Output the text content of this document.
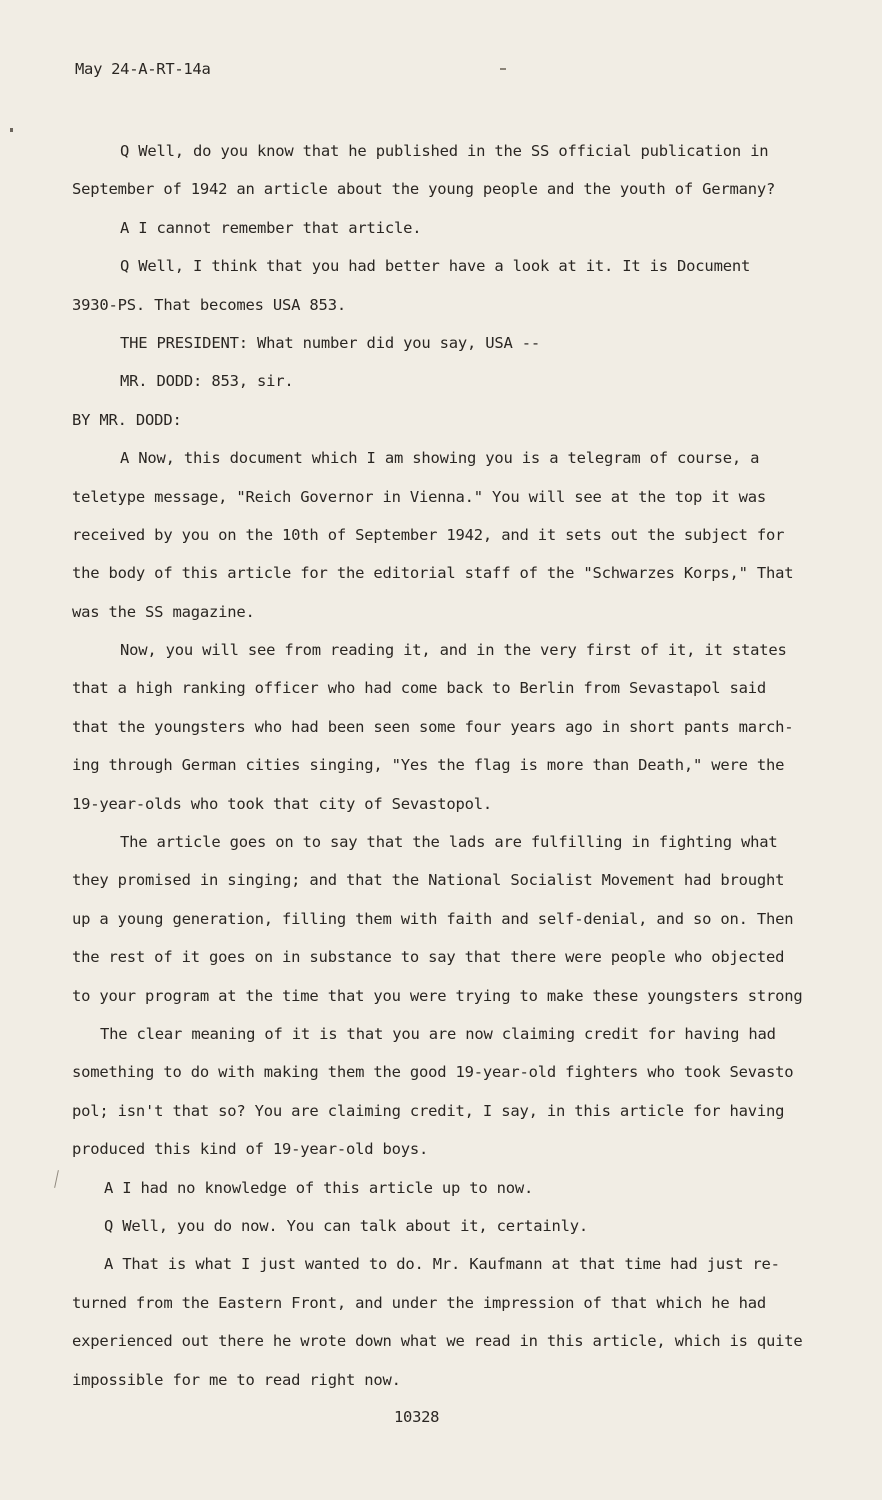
May 24-A-RT-14a
Q Well, do you know that he published in the SS official publication in
September of 1942 an article about the young people and the youth of Germany?
A I cannot remember that article.
Q Well, I think that you had better have a look at it. It is Document
3930-PS. That becomes USA 853.
THE PRESIDENT: What number did you say, USA --
MR. DODD: 853, sir.
BY MR. DODD:
A Now, this document which I am showing you is a telegram of course, a
teletype message, "Reich Governor in Vienna." You will see at the top it was
received by you on the 10th of September 1942, and it sets out the subject for
the body of this article for the editorial staff of the "Schwarzes Korps," That
was the SS magazine.
Now, you will see from reading it, and in the very first of it, it states
that a high ranking officer who had come back to Berlin from Sevastapol said
that the youngsters who had been seen some four years ago in short pants march-
ing through German cities singing, "Yes the flag is more than Death," were the
19-year-olds who took that city of Sevastopol.
The article goes on to say that the lads are fulfilling in fighting what
they promised in singing; and that the National Socialist Movement had brought
up a young generation, filling them with faith and self-denial, and so on. Then
the rest of it goes on in substance to say that there were people who objected
to your program at the time that you were trying to make these youngsters strong
The clear meaning of it is that you are now claiming credit for having had
something to do with making them the good 19-year-old fighters who took Sevasto
pol; isn't that so? You are claiming credit, I say, in this article for having
produced this kind of 19-year-old boys.
A I had no knowledge of this article up to now.
Q Well, you do now. You can talk about it, certainly.
A That is what I just wanted to do. Mr. Kaufmann at that time had just re-
turned from the Eastern Front, and under the impression of that which he had
experienced out there he wrote down what we read in this article, which is quite
impossible for me to read right now.
10328
